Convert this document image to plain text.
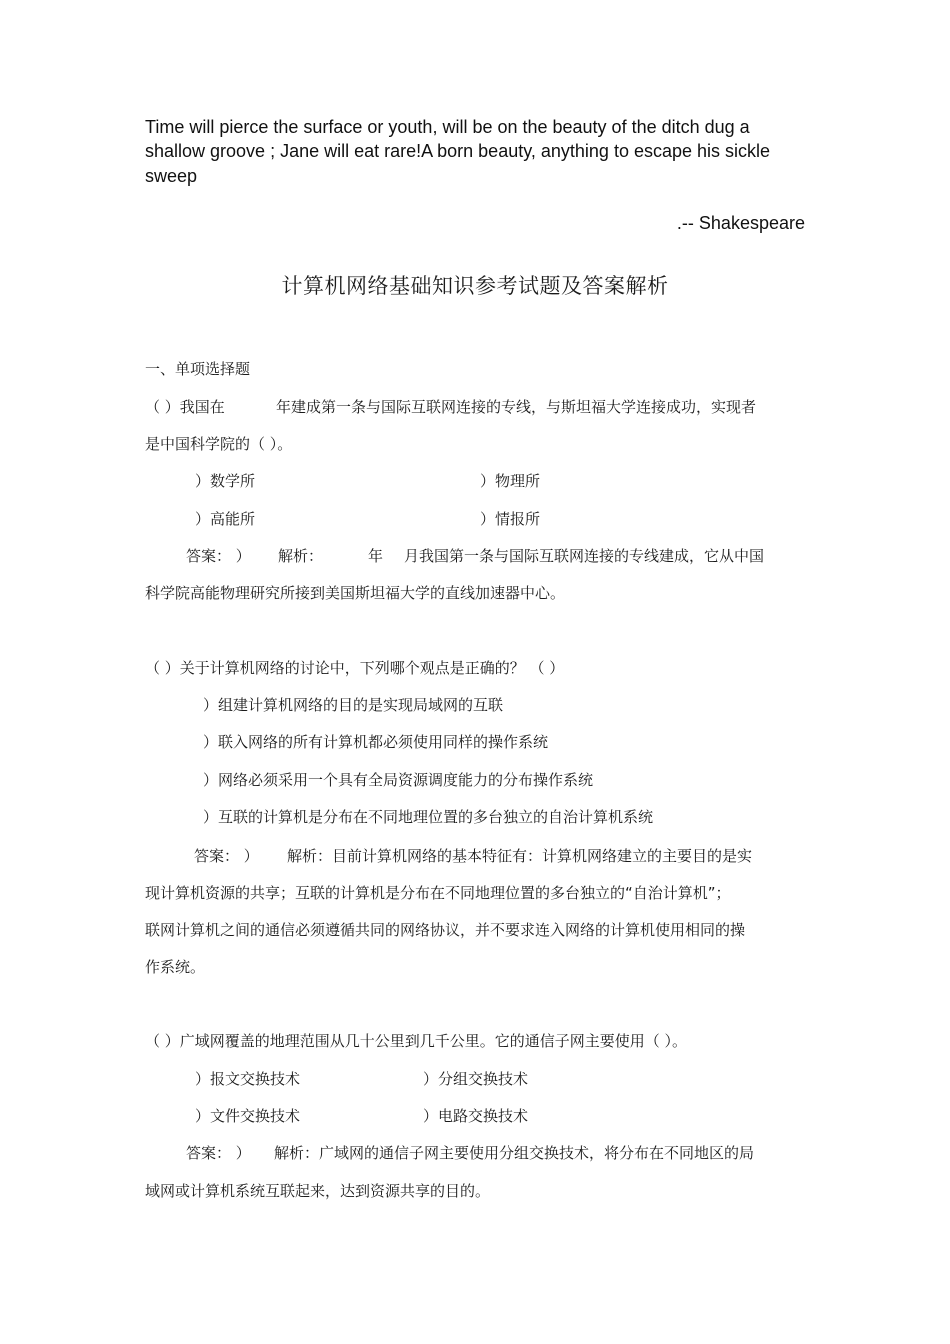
Time will pierce the surface or youth, will be on the beauty of the ditch dug a
shallow groove ; Jane will eat rare!A born beauty, anything to escape his sickle
sweep
.-- Shakespeare
计算机网络基础知识参考试题及答案解析
一、单项选择题
（ ）我国在	年建成第一条与国际互联网连接的专线，与斯坦福大学连接成功，实现者
是中国科学院的（ ）。
）数学所	）物理所
）高能所	）情报所
答案： ） 解析：	年 月我国第一条与国际互联网连接的专线建成，它从中国
科学院高能物理研究所接到美国斯坦福大学的直线加速器中心。
（ ）关于计算机网络的讨论中，下列哪个观点是正确的？ （ ）
）组建计算机网络的目的是实现局域网的互联
）联入网络的所有计算机都必须使用同样的操作系统
）网络必须采用一个具有全局资源调度能力的分布操作系统
）互联的计算机是分布在不同地理位置的多台独立的自治计算机系统
答案： ） 解析：目前计算机网络的基本特征有：计算机网络建立的主要目的是实
现计算机资源的共享；互联的计算机是分布在不同地理位置的多台独立的“自治计算机”；
联网计算机之间的通信必须遵循共同的网络协议，并不要求连入网络的计算机使用相同的操
作系统。
（ ）广域网覆盖的地理范围从几十公里到几千公里。它的通信子网主要使用（ ）。
）报文交换技术	）分组交换技术
）文件交换技术	）电路交换技术
答案： ） 解析：广域网的通信子网主要使用分组交换技术，将分布在不同地区的局
域网或计算机系统互联起来，达到资源共享的目的。
